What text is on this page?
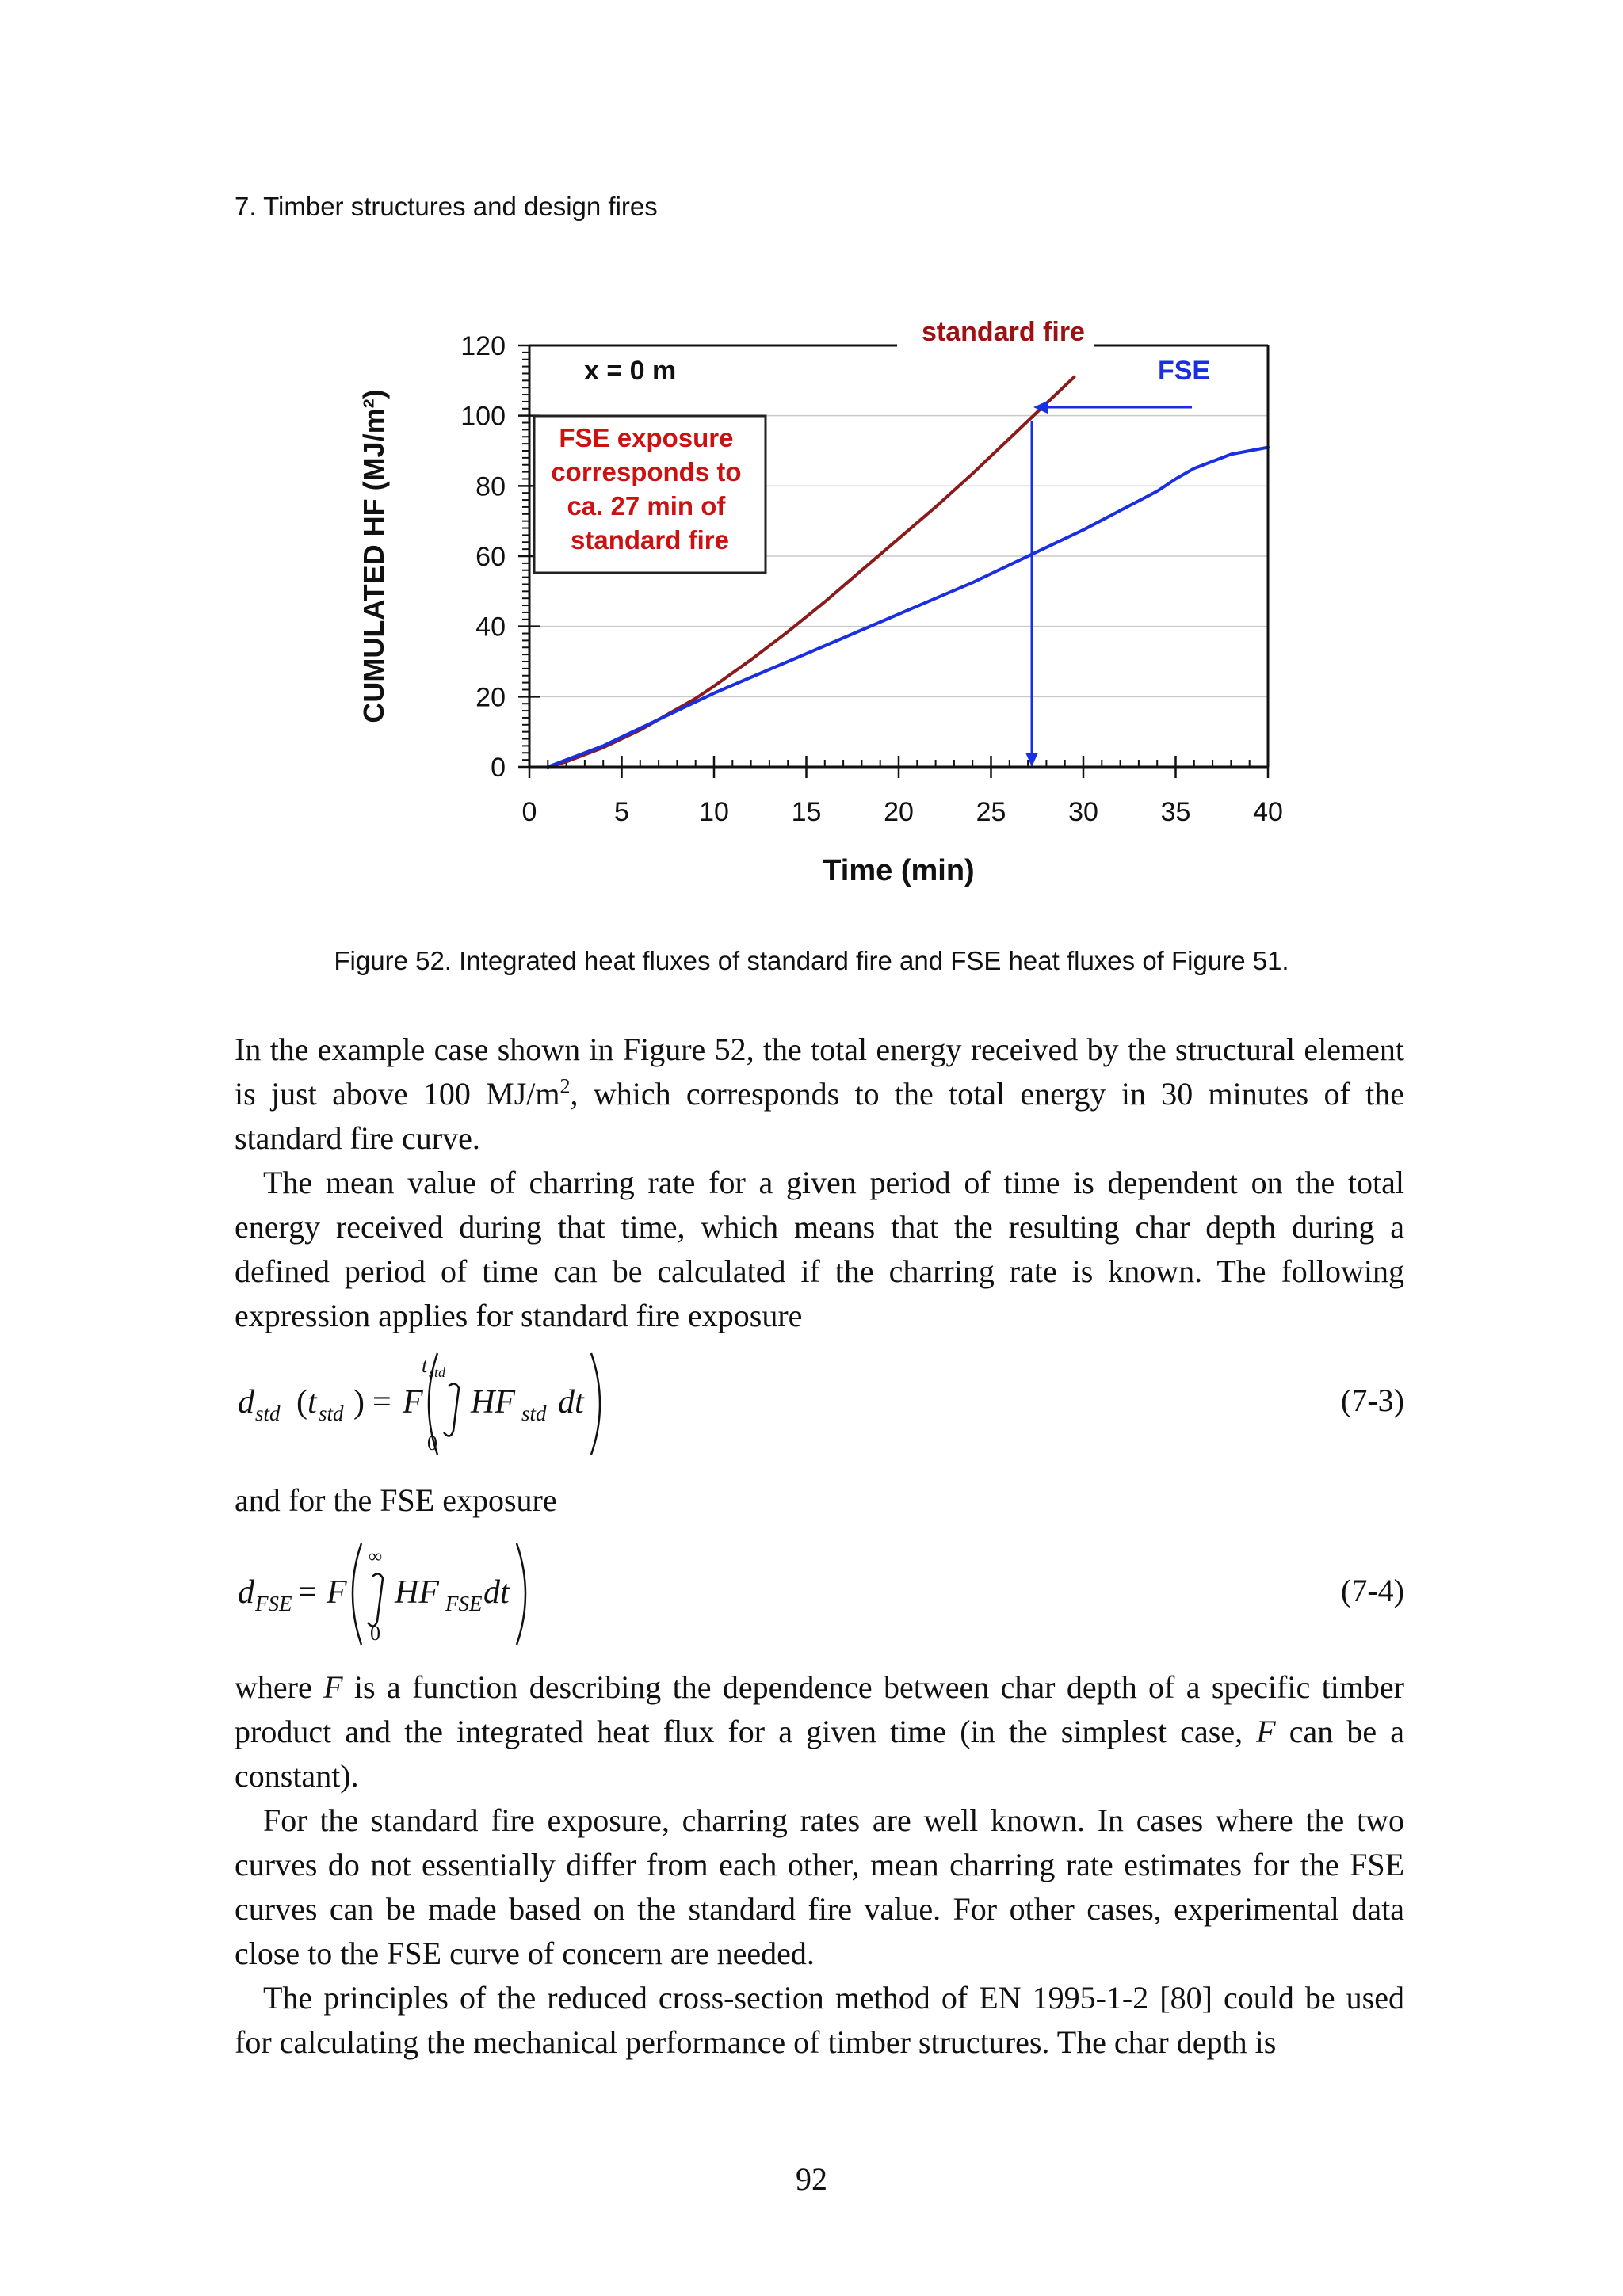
7. Timber structures and design fires
0
20
40
60
80
100
120
0	5	10 15 20 25 30 35 40
CUMULATED HF (MJ/m²)
Time (min)
x = 0 m
FSE exposure corresponds to ca. 27 min of standard fire
standard fire
FSE
Figure 52. Integrated heat fluxes of standard fire and FSE heat fluxes of Figure 51.

In the example case shown in Figure 52, the total energy received by the structural element is just above 100 $MJ/m^2$, which corresponds to the total energy in 30 minutes of the standard fire curve.

The mean value of charring rate for a given period of time is dependent on the total energy received during that time, which means that the resulting char depth during a defined period of time can be calculated if the charring rate is known. The following expression applies for standard fire exposure

d std ( t std ) = F
t std
0
HF std dt	(7-3)

and for the FSE exposure

d FSE = F
∞
0
HF FSE dt	(7-4)

where F is a function describing the dependence between char depth of a specific timber product and the integrated heat flux for a given time (in the simplest case, F can be a constant).

For the standard fire exposure, charring rates are well known. In cases where the two curves do not essentially differ from each other, mean charring rate estimates for the FSE curves can be made based on the standard fire value. For other cases, experimental data close to the FSE curve of concern are needed.

The principles of the reduced cross-section method of EN 1995-1-2 [80] could be used for calculating the mechanical performance of timber structures. The char depth is

92
